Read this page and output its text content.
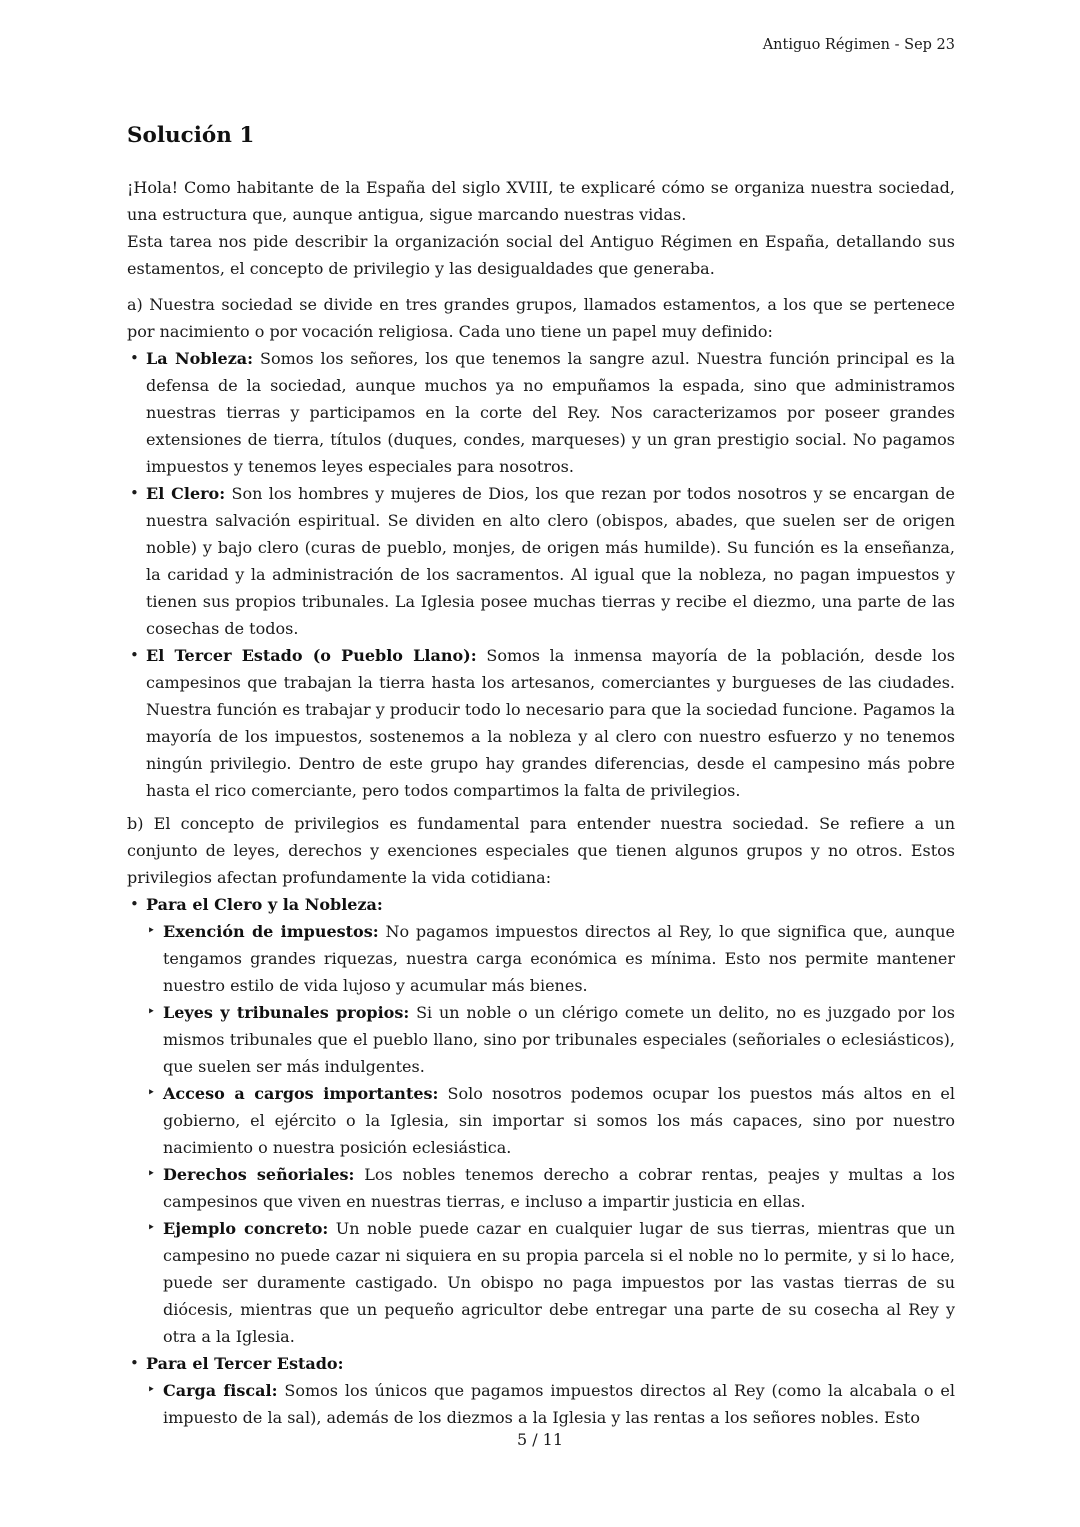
Antiguo Régimen - Sep 23
Solución 1
¡Hola! Como habitante de la España del siglo XVIII, te explicaré cómo se organiza nuestra sociedad, una estructura que, aunque antigua, sigue marcando nuestras vidas.
Esta tarea nos pide describir la organización social del Antiguo Régimen en España, detallando sus estamentos, el concepto de privilegio y las desigualdades que generaba.

a) Nuestra sociedad se divide en tres grandes grupos, llamados estamentos, a los que se pertenece por nacimiento o por vocación religiosa. Cada uno tiene un papel muy definido:

• La Nobleza: Somos los señores, los que tenemos la sangre azul. Nuestra función principal es la defensa de la sociedad, aunque muchos ya no empuñamos la espada, sino que administramos nuestras tierras y participamos en la corte del Rey. Nos caracterizamos por poseer grandes extensiones de tierra, títulos (duques, condes, marqueses) y un gran prestigio social. No pagamos impuestos y tenemos leyes especiales para nosotros.
• El Clero: Son los hombres y mujeres de Dios, los que rezan por todos nosotros y se encargan de nuestra salvación espiritual. Se dividen en alto clero (obispos, abades, que suelen ser de origen noble) y bajo clero (curas de pueblo, monjes, de origen más humilde). Su función es la enseñanza, la caridad y la administración de los sacramentos. Al igual que la nobleza, no pagan impuestos y tienen sus propios tribunales. La Iglesia posee muchas tierras y recibe el diezmo, una parte de las cosechas de todos.
• El Tercer Estado (o Pueblo Llano): Somos la inmensa mayoría de la población, desde los campesinos que trabajan la tierra hasta los artesanos, comerciantes y burgueses de las ciudades. Nuestra función es trabajar y producir todo lo necesario para que la sociedad funcione. Pagamos la mayoría de los impuestos, sostenemos a la nobleza y al clero con nuestro esfuerzo y no tenemos ningún privilegio. Dentro de este grupo hay grandes diferencias, desde el campesino más pobre hasta el rico comerciante, pero todos compartimos la falta de privilegios.

b) El concepto de privilegios es fundamental para entender nuestra sociedad. Se refiere a un conjunto de leyes, derechos y exenciones especiales que tienen algunos grupos y no otros. Estos privilegios afectan profundamente la vida cotidiana:

• Para el Clero y la Nobleza:
‣ Exención de impuestos: No pagamos impuestos directos al Rey, lo que significa que, aunque tengamos grandes riquezas, nuestra carga económica es mínima. Esto nos permite mantener nuestro estilo de vida lujoso y acumular más bienes.
‣ Leyes y tribunales propios: Si un noble o un clérigo comete un delito, no es juzgado por los mismos tribunales que el pueblo llano, sino por tribunales especiales (señoriales o eclesiásticos), que suelen ser más indulgentes.
‣ Acceso a cargos importantes: Solo nosotros podemos ocupar los puestos más altos en el gobierno, el ejército o la Iglesia, sin importar si somos los más capaces, sino por nuestro nacimiento o nuestra posición eclesiástica.
‣ Derechos señoriales: Los nobles tenemos derecho a cobrar rentas, peajes y multas a los campesinos que viven en nuestras tierras, e incluso a impartir justicia en ellas.
‣ Ejemplo concreto: Un noble puede cazar en cualquier lugar de sus tierras, mientras que un campesino no puede cazar ni siquiera en su propia parcela si el noble no lo permite, y si lo hace, puede ser duramente castigado. Un obispo no paga impuestos por las vastas tierras de su diócesis, mientras que un pequeño agricultor debe entregar una parte de su cosecha al Rey y otra a la Iglesia.
• Para el Tercer Estado:
‣ Carga fiscal: Somos los únicos que pagamos impuestos directos al Rey (como la alcabala o el impuesto de la sal), además de los diezmos a la Iglesia y las rentas a los señores nobles. Esto
5 / 11
